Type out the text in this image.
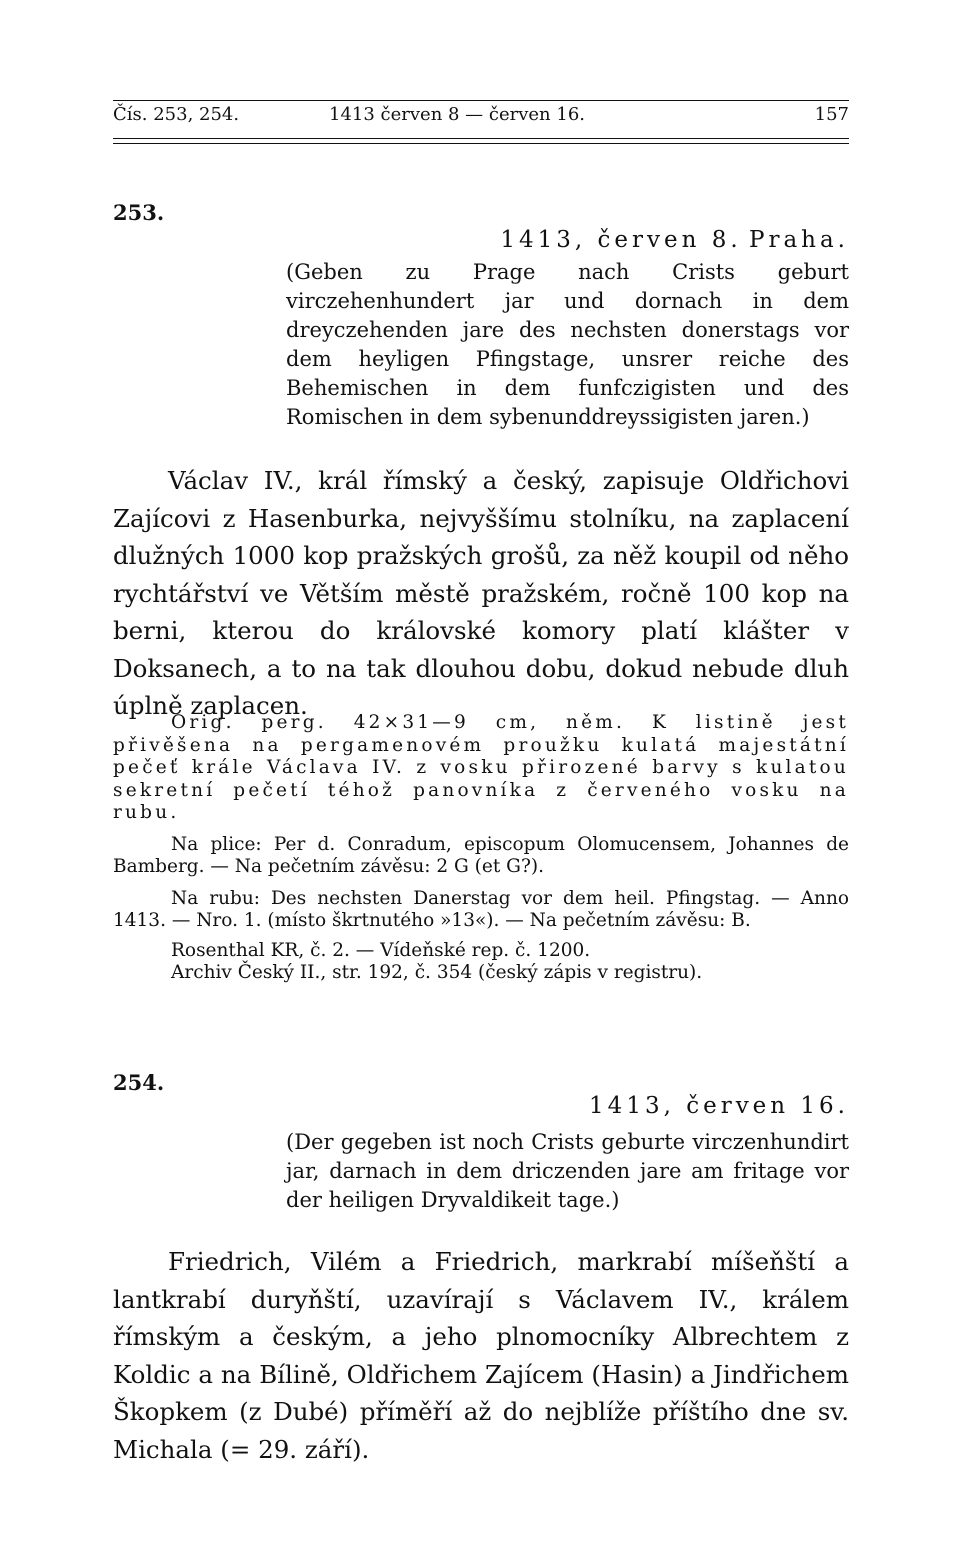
Čís. 253, 254.	1413 červen 8 — červen 16.	157
253.
1413, červen 8. Praha.

(Geben zu Prage nach Crists geburt virczehenhundert jar und dornach in dem dreyczehenden jare des nechsten donerstags vor dem heyligen Pfingstage, unsrer reiche des Behemischen in dem funfczigisten und des Romischen in dem sybenunddreyssigisten jaren.)

Václav IV., král římský a český, zapisuje Oldřichovi Zajícovi z Hasenburka, nejvyššímu stolníku, na zaplacení dlužných 1000 kop pražských grošů, za něž koupil od něho rychtářství ve Větším městě pražském, ročně 100 kop na berni, kterou do královské komory platí klášter v Doksanech, a to na tak dlouhou dobu, dokud nebude dluh úplně zaplacen.

Orig. perg. 42×31—9 cm, něm. K listině jest přivěšena na pergamenovém proužku kulatá majestátní pečeť krále Václava IV. z vosku přirozené barvy s kulatou sekretní pečetí téhož panovníka z červeného vosku na rubu.

Na plice: Per d. Conradum, episcopum Olomucensem, Johannes de Bamberg. — Na pečetním závěsu: 2 G (et G?).

Na rubu: Des nechsten Danerstag vor dem heil. Pfingstag. — Anno 1413. — Nro. 1. (místo škrtnutého »13«). — Na pečetním závěsu: B.

Rosenthal KR, č. 2. — Vídeňské rep. č. 1200.

Archiv Český II., str. 192, č. 354 (český zápis v registru).

254.
1413, červen 16.

(Der gegeben ist noch Crists geburte virczenhundirt jar, darnach in dem driczenden jare am fritage vor der heiligen Dryvaldikeit tage.)

Friedrich, Vilém a Friedrich, markrabí míšeňští a lantkrabí duryňští, uzavírají s Václavem IV., králem římským a českým, a jeho plnomocníky Albrechtem z Koldic a na Bílině, Oldřichem Zajícem (Hasin) a Jindřichem Škopkem (z Dubé) příměří až do nejblíže příštího dne sv. Michala (= 29. září).
